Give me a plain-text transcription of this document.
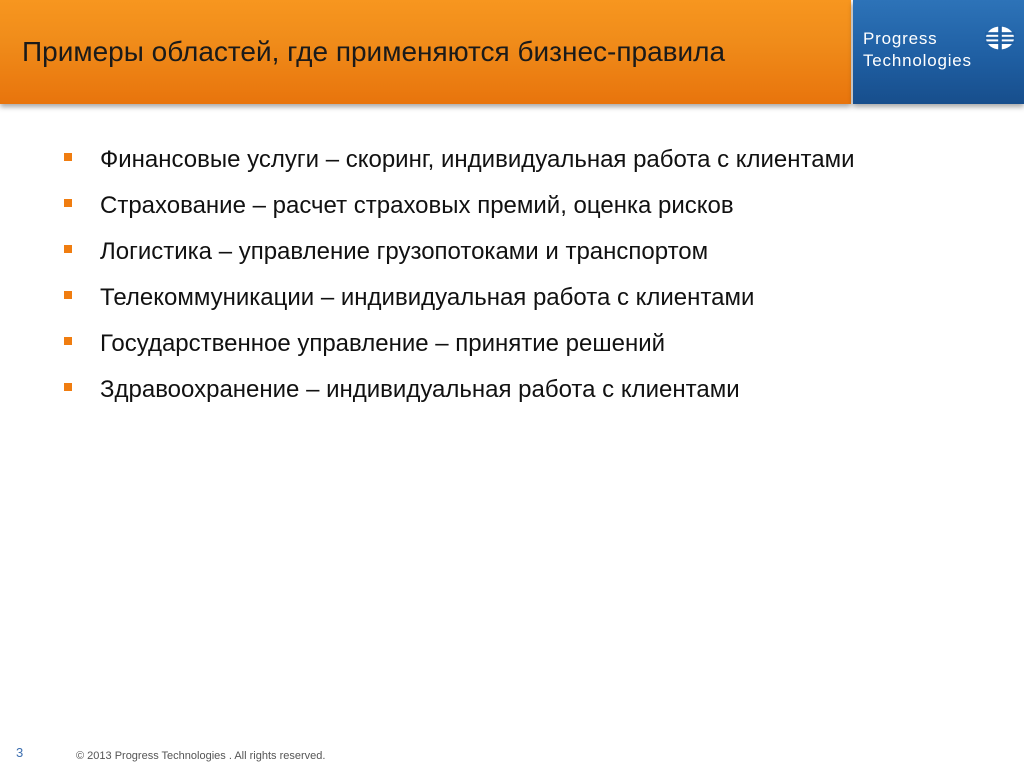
Примеры областей, где применяются бизнес-правила	Progress
Technologies
Финансовые услуги – скоринг, индивидуальная работа с клиентами
Страхование – расчет страховых премий, оценка рисков
Логистика – управление грузопотоками и транспортом
Телекоммуникации – индивидуальная работа с клиентами
Государственное управление – принятие решений
Здравоохранение – индивидуальная работа с клиентами
3	© 2013 Progress Technologies . All rights reserved.
